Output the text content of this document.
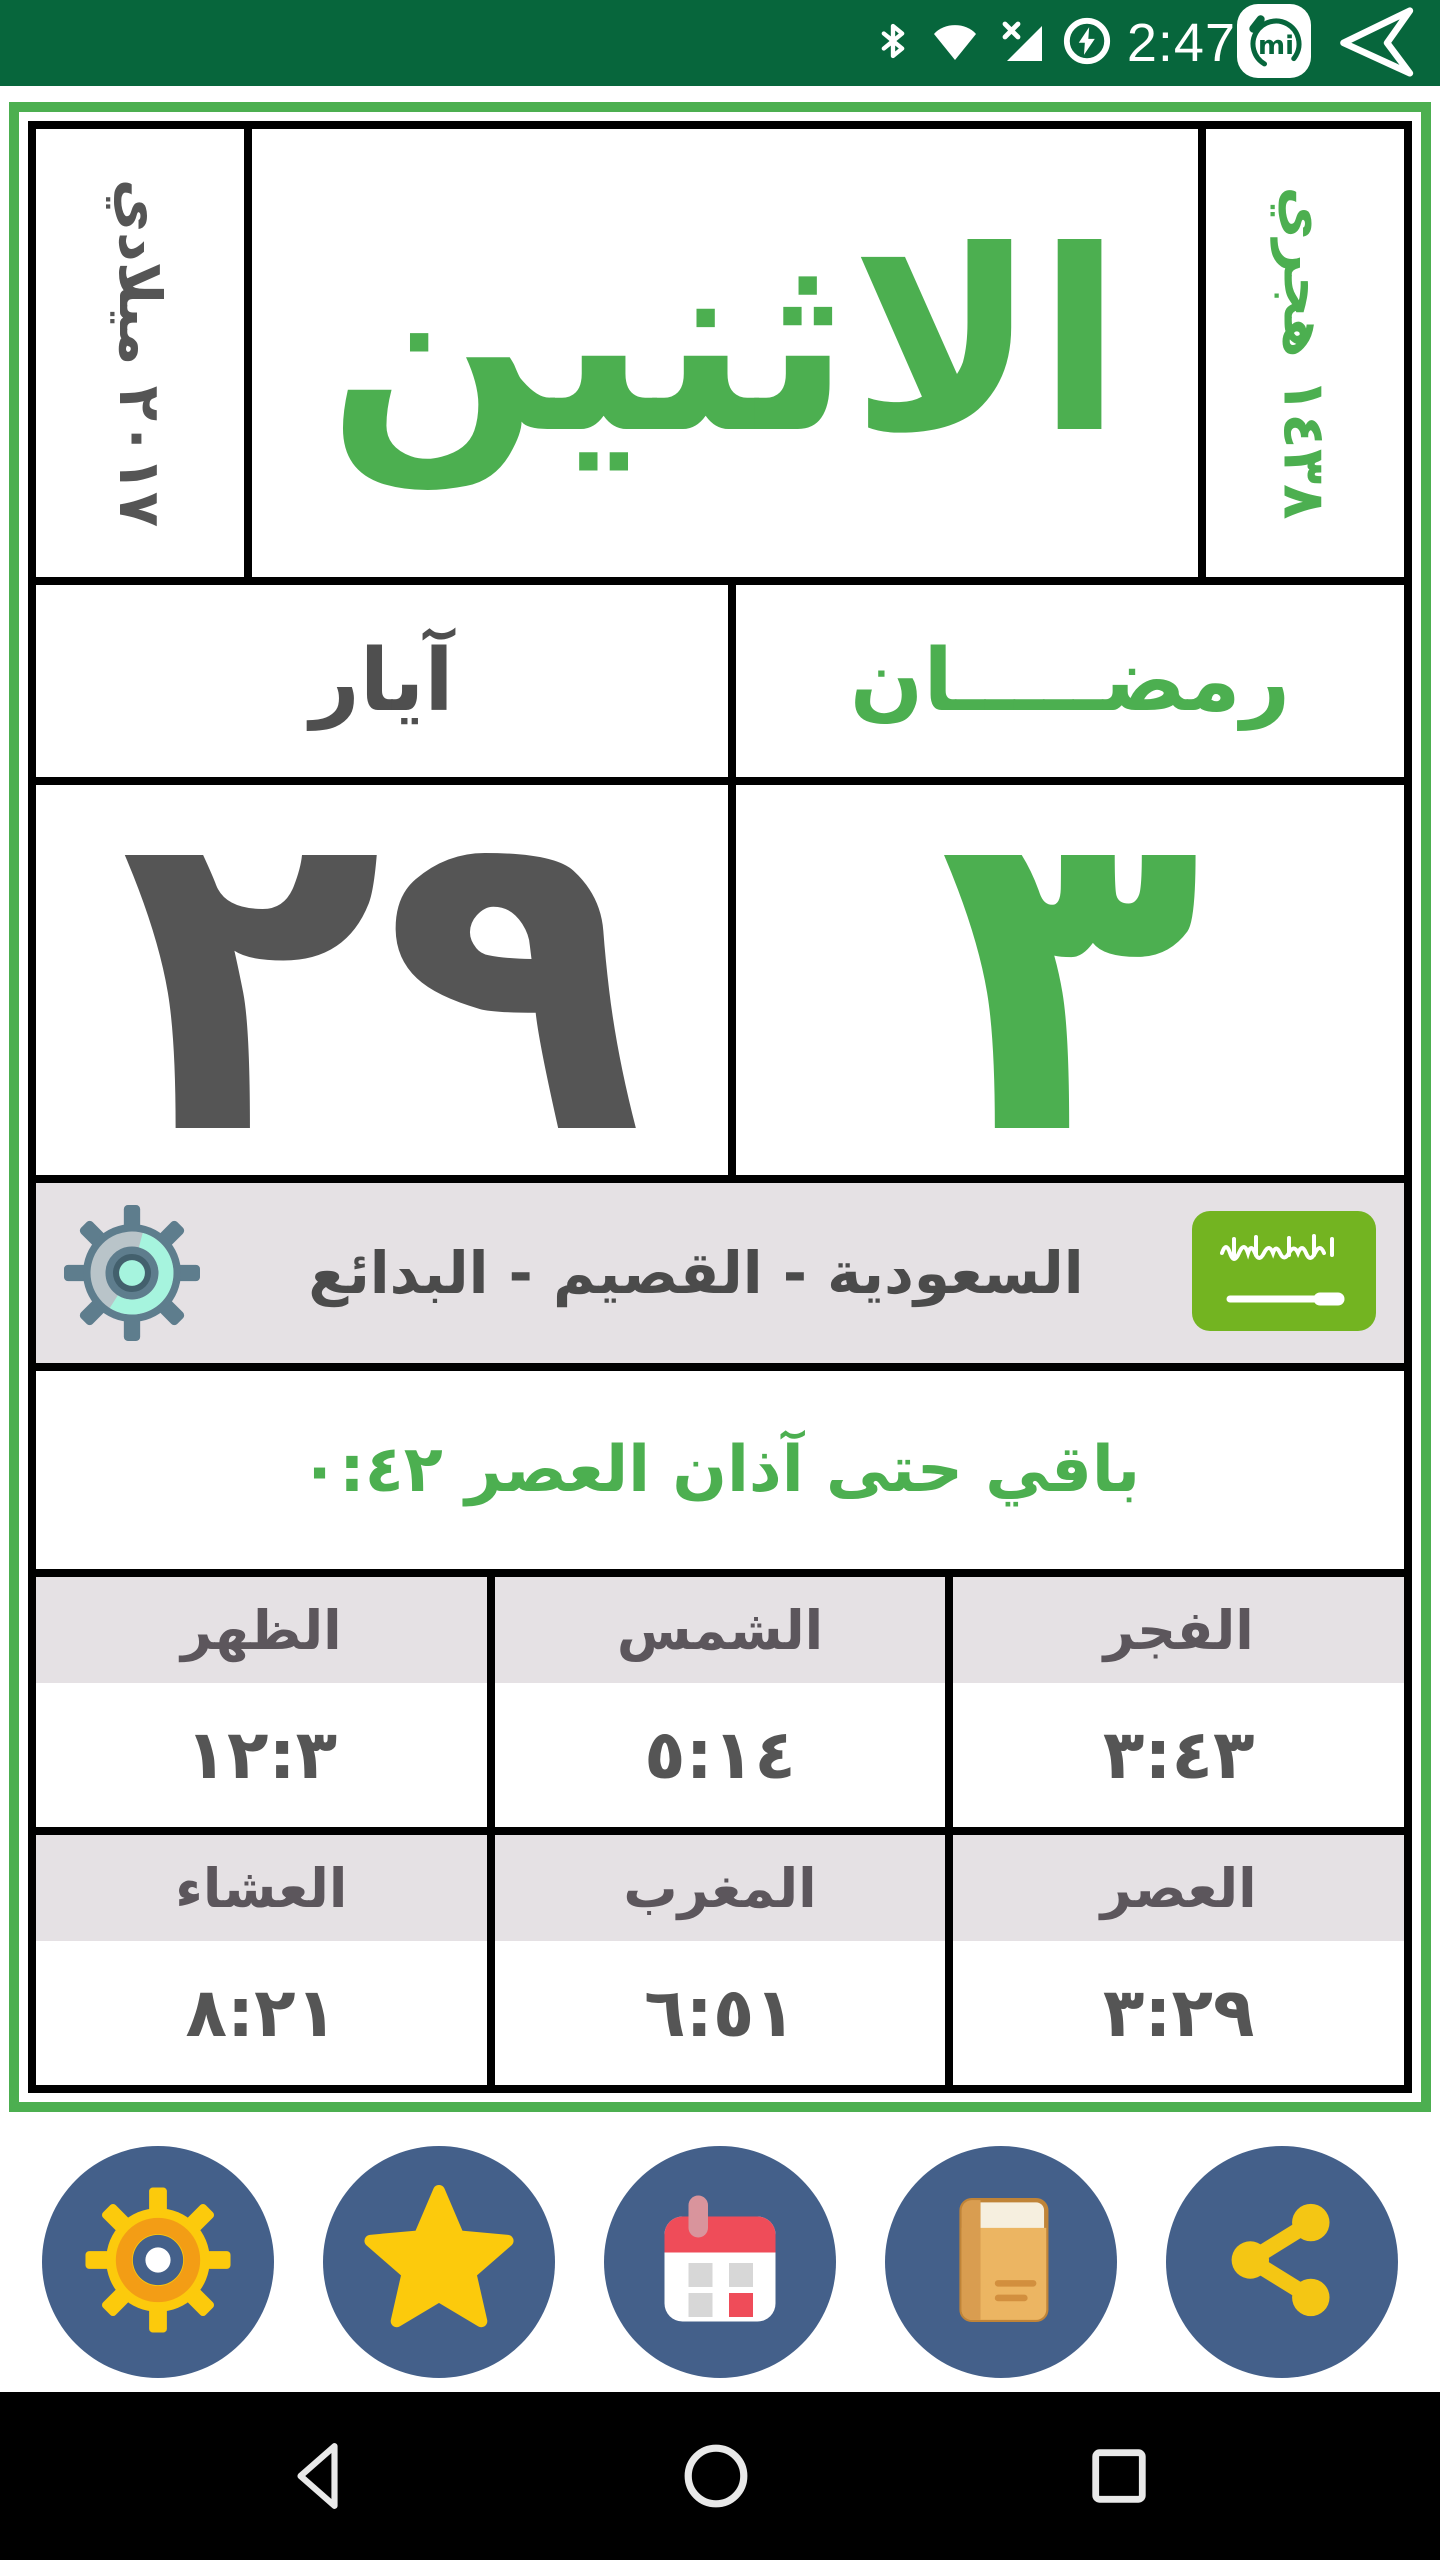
mi
2:47
١٤٣٨ هجري
الاثنين
٢٠١٧ ميلادي
رمضـــــان
آيار
٣
٢٩
السعودية - القصيم - البدائع
باقي حتى آذان العصر ٠:٤٢
الفجر
٣:٤٣
الشمس
٥:١٤
الظهر
١٢:٣
العصر
٣:٢٩
المغرب
٦:٥١
العشاء
٨:٢١
